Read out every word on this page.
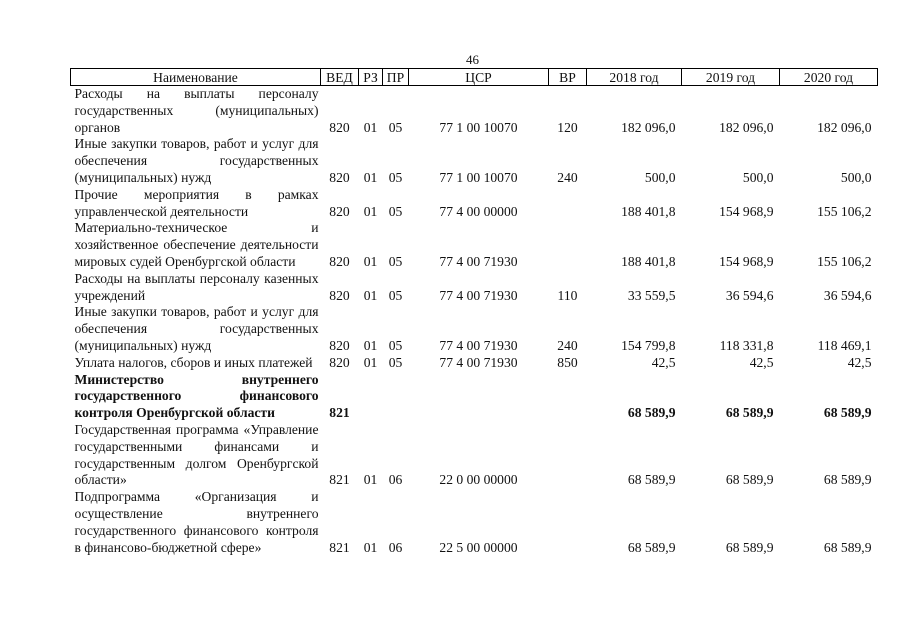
46
Наименование	ВЕД	РЗ	ПР	ЦСР	ВР	2018 год	2019 год	2020 год
Расходы на выплаты персоналу государственных (муниципальных) органов	820	01	05	77 1 00 10070	120	182 096,0	182 096,0	182 096,0
Иные закупки товаров, работ и услуг для обеспечения государственных (муниципальных) нужд	820	01	05	77 1 00 10070	240	500,0	500,0	500,0
Прочие мероприятия в рамках управленческой деятельности	820	01	05	77 4 00 00000		188 401,8	154 968,9	155 106,2
Материально-техническое и хозяйственное обеспечение деятельности мировых судей Оренбургской области	820	01	05	77 4 00 71930		188 401,8	154 968,9	155 106,2
Расходы на выплаты персоналу казенных учреждений	820	01	05	77 4 00 71930	110	33 559,5	36 594,6	36 594,6
Иные закупки товаров, работ и услуг для обеспечения государственных (муниципальных) нужд	820	01	05	77 4 00 71930	240	154 799,8	118 331,8	118 469,1
Уплата налогов, сборов и иных платежей	820	01	05	77 4 00 71930	850	42,5	42,5	42,5
Министерство внутреннего государственного финансового контроля Оренбургской области	821					68 589,9	68 589,9	68 589,9
Государственная программа «Управление государственными финансами и государственным долгом Оренбургской области»	821	01	06	22 0 00 00000		68 589,9	68 589,9	68 589,9
Подпрограмма «Организация и осуществление внутреннего государственного финансового контроля в финансово-бюджетной сфере»	821	01	06	22 5 00 00000		68 589,9	68 589,9	68 589,9
